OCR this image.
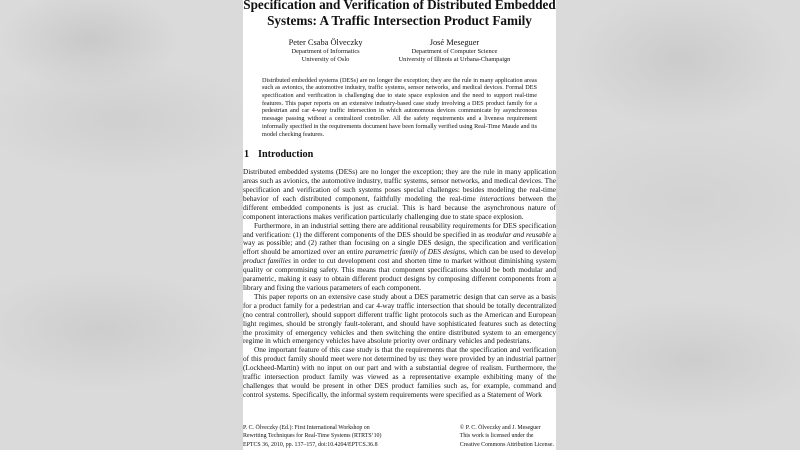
Specification and Verification of Distributed Embedded
Systems: A Traffic Intersection Product Family
Peter Csaba Ölveczky
Department of Informatics
University of Oslo
José Meseguer
Department of Computer Science
University of Illinois at Urbana-Champaign

Distributed embedded systems (DESs) are no longer the exception; they are the rule in many application areas such as avionics, the automotive industry, traffic systems, sensor networks, and medical devices. Formal DES specification and verification is challenging due to state space explosion and the need to support real-time features. This paper reports on an extensive industry-based case study involving a DES product family for a pedestrian and car 4-way traffic intersection in which autonomous devices communicate by asynchronous message passing without a centralized controller. All the safety requirements and a liveness requirement informally specified in the requirements document have been formally verified using Real-Time Maude and its model checking features.

1 Introduction

Distributed embedded systems (DESs) are no longer the exception; they are the rule in many application areas such as avionics, the automotive industry, traffic systems, sensor networks, and medical devices. The specification and verification of such systems poses special challenges: besides modeling the real-time behavior of each distributed component, faithfully modeling the real-time interactions between the different embedded components is just as crucial. This is hard because the asynchronous nature of component interactions makes verification particularly challenging due to state space explosion.

Furthermore, in an industrial setting there are additional reusability requirements for DES specification and verification: (1) the different components of the DES should be specified in as modular and reusable a way as possible; and (2) rather than focusing on a single DES design, the specification and verification effort should be amortized over an entire parametric family of DES designs, which can be used to develop product families in order to cut development cost and shorten time to market without diminishing system quality or compromising safety. This means that component specifications should be both modular and parametric, making it easy to obtain different product designs by composing different components from a library and fixing the various parameters of each component.

This paper reports on an extensive case study about a DES parametric design that can serve as a basis for a product family for a pedestrian and car 4-way traffic intersection that should be totally decentralized (no central controller), should support different traffic light protocols such as the American and European light regimes, should be strongly fault-tolerant, and should have sophisticated features such as detecting the proximity of emergency vehicles and then switching the entire distributed system to an emergency regime in which emergency vehicles have absolute priority over ordinary vehicles and pedestrians.

One important feature of this case study is that the requirements that the specification and verification of this product family should meet were not determined by us: they were provided by an industrial partner (Lockheed-Martin) with no input on our part and with a substantial degree of realism. Furthermore, the traffic intersection product family was viewed as a representative example exhibiting many of the challenges that would be present in other DES product families such as, for example, command and control systems. Specifically, the informal system requirements were specified as a Statement of Work

P. C. Ölveczky (Ed.): First International Workshop on
Rewriting Techniques for Real-Time Systems (RTRTS’10)
EPTCS 36, 2010, pp. 137–157, doi:10.4204/EPTCS.36.8
© P. C. Ölveczky and J. Meseguer
This work is licensed under the
Creative Commons Attribution License.
